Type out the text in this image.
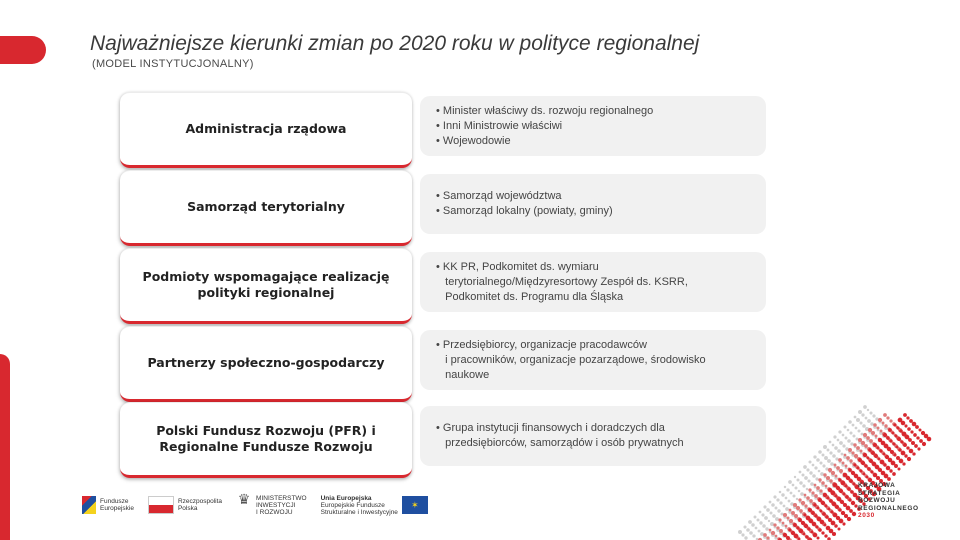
Najważniejsze kierunki zmian po 2020 roku w polityce regionalnej
(MODEL INSTYTUCJONALNY)
Administracja rządowa
• Minister właściwy ds. rozwoju regionalnego
• Inni Ministrowie właściwi
• Wojewodowie
Samorząd terytorialny
• Samorząd województwa
• Samorząd lokalny (powiaty, gminy)
Podmioty wspomagające realizację polityki regionalnej
• KK PR, Podkomitet ds. wymiaru
terytorialnego/Międzyresortowy Zespół ds. KSRR,
Podkomitet ds. Programu dla Śląska
Partnerzy społeczno-gospodarczy
• Przedsiębiorcy, organizacje pracodawców
i pracowników, organizacje pozarządowe, środowisko
naukowe
Polski Fundusz Rozwoju (PFR) i Regionalne Fundusze Rozwoju
• Grupa instytucji finansowych i doradczych dla
przedsiębiorców, samorządów i osób prywatnych
Fundusze
Europejskie
Rzeczpospolita
Polska
♛ MINISTERSTWO
INWESTYCJI
I ROZWOJU
Unia Europejska
Europejskie Fundusze
Strukturalne i Inwestycyjne
✶
KRAJOWA
STRATEGIA
ROZWOJU
REGIONALNEGO
2030
